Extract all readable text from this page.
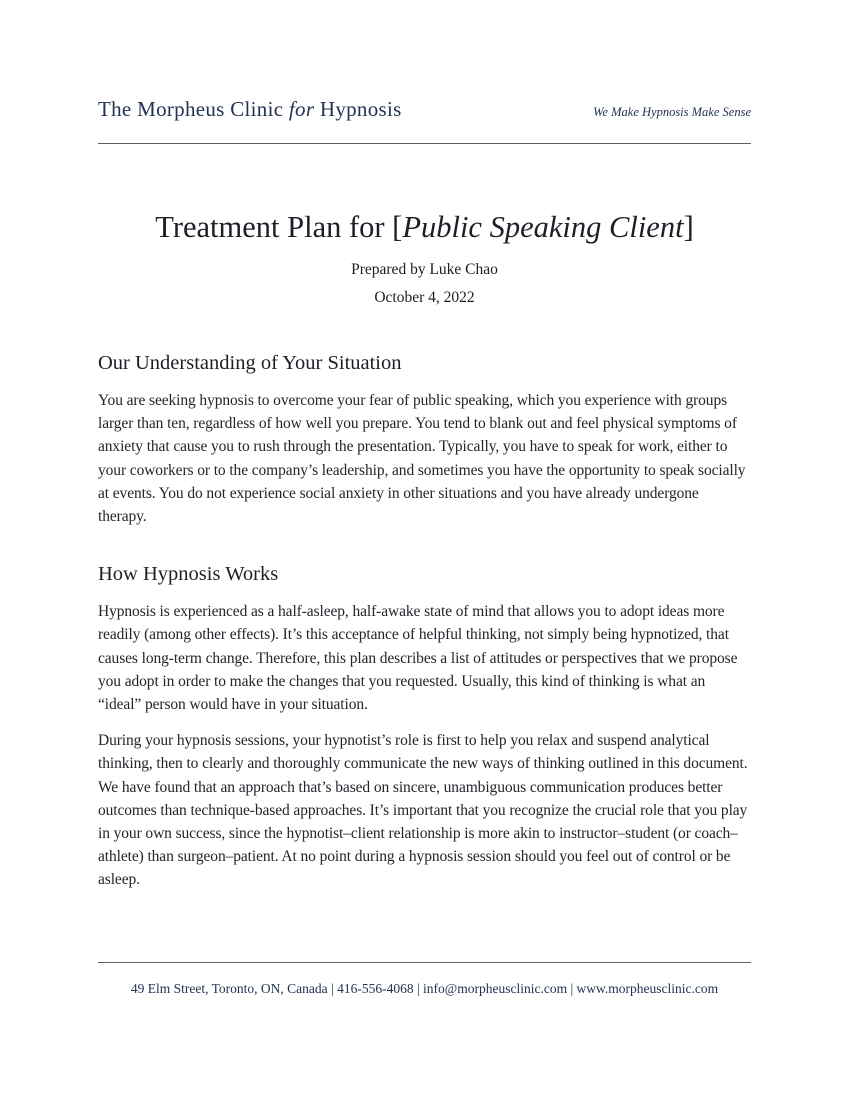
The Morpheus Clinic for Hypnosis	We Make Hypnosis Make Sense
Treatment Plan for [Public Speaking Client]
Prepared by Luke Chao
October 4, 2022
Our Understanding of Your Situation

You are seeking hypnosis to overcome your fear of public speaking, which you experience with groups larger than ten, regardless of how well you prepare. You tend to blank out and feel physical symptoms of anxiety that cause you to rush through the presentation. Typically, you have to speak for work, either to your coworkers or to the company’s leadership, and sometimes you have the opportunity to speak socially at events. You do not experience social anxiety in other situations and you have already undergone therapy.

How Hypnosis Works

Hypnosis is experienced as a half-asleep, half-awake state of mind that allows you to adopt ideas more readily (among other effects). It’s this acceptance of helpful thinking, not simply being hypnotized, that causes long-term change. Therefore, this plan describes a list of attitudes or perspectives that we propose you adopt in order to make the changes that you requested. Usually, this kind of thinking is what an “ideal” person would have in your situation.

During your hypnosis sessions, your hypnotist’s role is first to help you relax and suspend analytical thinking, then to clearly and thoroughly communicate the new ways of thinking outlined in this document. We have found that an approach that’s based on sincere, unambiguous communication produces better outcomes than technique-based approaches. It’s important that you recognize the crucial role that you play in your own success, since the hypnotist–client relationship is more akin to instructor–student (or coach–athlete) than surgeon–patient. At no point during a hypnosis session should you feel out of control or be asleep.

49 Elm Street, Toronto, ON, Canada | 416-556-4068 | info@morpheusclinic.com | www.morpheusclinic.com
